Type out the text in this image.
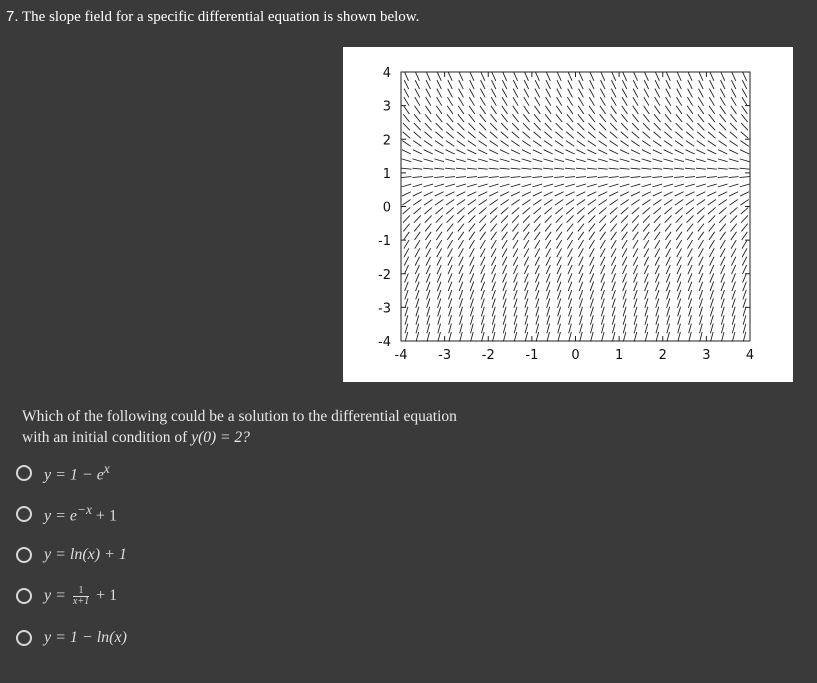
7. The slope field for a specific differential equation is shown below.
-4 -3 -2 -1	0	1	2	3	4
4
3
2
1
0
-1
-2
-3
-4
Which of the following could be a solution to the differential equation
with an initial condition of y(0) = 2?
$y = 1 - e^x$
$y = e^{-x} + 1$
y = ln(x) + 1
$y = \frac{1}{x+1} + 1$
y = 1 − ln(x)
